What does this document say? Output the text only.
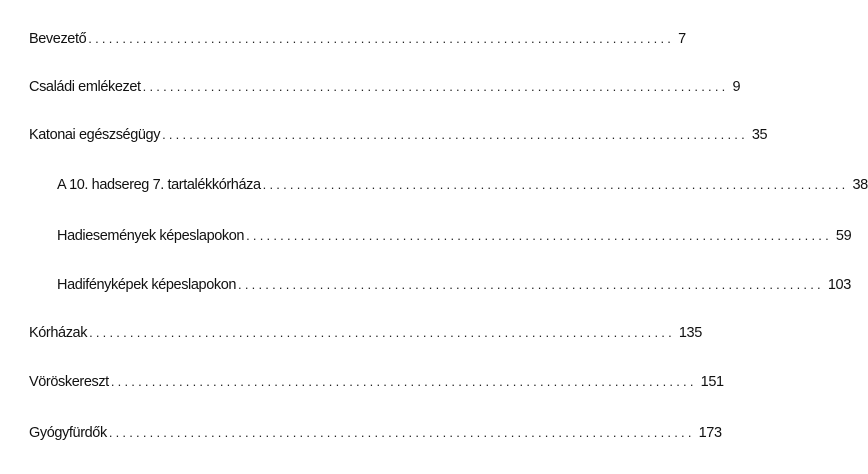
Bevezető ...................................................................................... 7
Családi emlékezet ...................................................................................... 9
Katonai egészségügy ...................................................................................... 35
A 10. hadsereg 7. tartalékkórháza ...................................................................................... 38
Hadiesemények képeslapokon ...................................................................................... 59
Hadifényképek képeslapokon ...................................................................................... 103
Kórházak ...................................................................................... 135
Vöröskereszt ...................................................................................... 151
Gyógyfürdők ...................................................................................... 173
